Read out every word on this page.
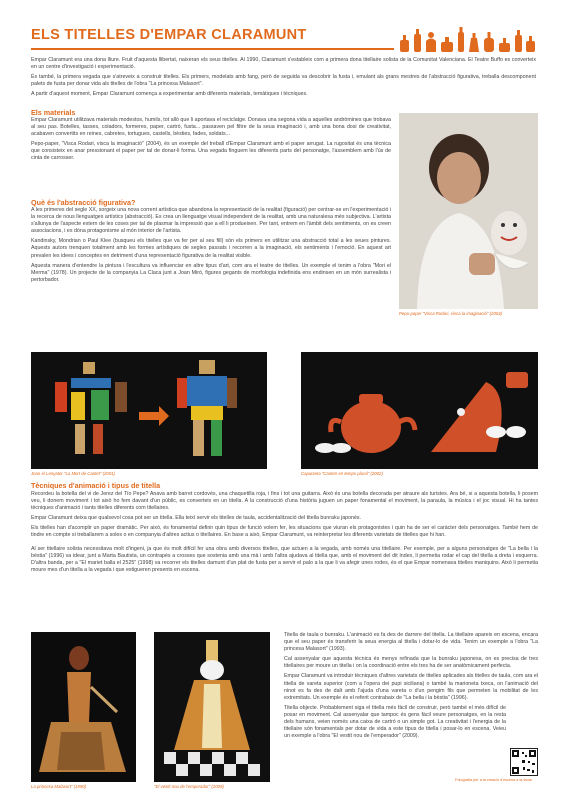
ELS TITELLES D'EMPAR CLARAMUNT

Empar Claramunt era una dona lliure. Fruit d'aquesta llibertat, naixeran els seus titelles. Al 1990, Claramunt s'estableix com a primera dona titellaire solista de la Comunitat Valenciana. El Teatre Buffo es converteix en un centre d'investigació i experimentació.

És també, la primera vegada que s'atreveix a construir titelles. Els primers, modelats amb fang, però de seguida va descobrir la fusta i, emulant als grans mestres de l'abstracció figurativa, treballa descomponent palets de fusta per donar vida als titelles de l'obra "La princesa Malasort".

A partir d'aquest moment, Empar Claramunt comença a experimentar amb diferents materials, temàtiques i tècniques.

Els materials

Empar Claramunt utilitzava materials modestos, humils, tot allò que li aportava el reciclatge. Donava una segona vida a aquelles andròmines que trobava al seu pas. Botelles, tasses, coladors, formeres, paper, cartró, fusta... passaven pel filtre de la seua imaginació i, amb una bona dosi de creativitat, acabaven convertits en reines, cabretes, tortugues, castells, bèsties, fades, soldats...

Pepo-paper, "Visca Rodari, visca la imaginació" (2004), és un exemple del treball d'Empar Claramunt amb el paper arrugat. La rugositat és una tècnica que consisteix en anar pressionant el paper per tal de donar-li forma. Una vegada finguem les diferents parts del personatge, l'assemblem amb l'ús de cinta de carrosser.

Què és l'abstracció figurativa?

A les primeres del segle XX, sorgeix una nova corrent artística que abandona la representació de la realitat (figuració) per centrar-se en l'experimentació i la recerca de nous llenguatges artístics (abstracció). Es crea un llenguatge visual independent de la realitat, amb una naturalesa més subjectiva. L'artista s'allunya de l'aspecte extern de les coses per tal de plasmar la impressió que a ell li produeixen. Per tant, entrem en l'àmbit dels sentiments, on es creen associacions, i es dóna protagonisme al món interior de l'artista.

Kandinsky, Mondrian o Paul Klee (busqueu els titelles que va fer per al seu fill) són els primers en utilitzar una abstracció total a les seues pintures. Aquests autors trenquen totalment amb les formes artístiques de segles passats i recorren a la imaginació, els sentiments i l'emoció. En aquest art prevalen les idees i conceptes en detriment d'una representació figurativa de la realitat visible.

Aquesta manera d'entendre la pintura i l'escultura va influenciar en altre tipus d'art, com ara el teatre de titelles. Un exemple el tenim a l'obra "Mori el Merma" (1978). Un projecte de la companyia La Claca junt a Joan Miró, figures gegants de morfologia indefinida ens endinsen en un món surrealista i pertorbador.

Pepo-paper "Visca Rodari, visca la imaginació" (2004)
Joan el Lenyator "La Mort de Cantet" (2001)	Caputxeta "Canten en temps plural" (2002)
Tècniques d'animació i tipus de titella

Recordeu la botella del vi de Jerez del Tío Pepe? Anava amb barret cordovès, una chaquetilla roja, i fins i tot una guitarra. Això és una botella decorada per atraure als turistes. Ara bé, si a aquesta botella, li posem veu, li donem moviment i tot això ho fem davant d'un públic, es converteix en un titella. A la construcció d'una història juguen un paper fonamental el moviment, la paraula, la música i el joc visual. Hi ha tantes tècniques d'animació i tants titelles diferents com titellaires.

Empar Claramunt deixa que qualsevol cosa pot ser un titella. Ella teixí servir els titelles de taula, accidentalització del titella bunraku japonès.

Els titelles han d'acomplir un paper dramàtic. Per això, és fonamental definir quin tipus de funció volem fer, les situacions que viuran els protagonistes i quin ha de ser el caràcter dels personatges. També hem de tindre en compte si treballarem a soles o en companyia d'altres actius o titellaires. En base a això, Empar Claramunt, va reinterpretar les diferents varietats de titelles que hi han.

Al ser titellaire solista necessitava molt d'ingeni, ja que és molt difícil fer una obra amb diversos titelles, que actuen a la vegada, amb només una titellaire. Per exemple, per a alguns personatges de "La bella i la bèstia" (1996) va idear, junt a Marta Bautista, un contrapès a crosses que sostenia amb una mà i amb l'altra ajudava al titella que, amb el moviment del dit índex, li permetia rodar el cap del titella a dreta i esquerra. D'altra banda, per a "El mariet balla el 2525" (1998) va recorrer els titelles damunt d'un plat de fusta per a servir el palo a la que li va afegir unes rodes, és el que Empar nomenava titelles maniquins. Això li permetia moure mes d'un titella a la vegada i que estigueren presents en escena.

La princesa Malasort" (1990)	"El vestit nou de l'emperador" (2009)

Titella de taula o bunraku. L'animació es fa des de darrere del titella. La titellaire apareix en escena, encara que el seu paper és transferir la seua energia al titella i dotar-lo de vida. Tenim un exemple a l'obra "La princesa Malasort" (1993).

Cal assenyalar que aquesta tècnica és menys refinada que la bunraku japonesa, on es precisa de tres titellaires per moure un titella i on la coordinació entre els tres ha de ser anatòmicament perfecta.

Empar Claramunt va introduir tècniques d'altres varietats de titelles aplicades als titelles de taula, com ara el titella de vareta superior (com a l'opera dei pupi siciliana) o també la marioneta txeca, on l'animació del ninot es fa des de dalt amb l'ajuda d'una vareta o d'un pengim fils que permeten la mobilitat de les extremitats. Un exemple és el referit contrabaix de "La bella i la bèstia" (1996).

Titella objecte. Probablement siga el titella més fàcil de construir, però també el més difícil de posar en moviment. Cal assenyalar que tampoc és gens fàcil veure personatges, en la resta dels humans, veien només una caixa de cartró o un simple got. La creativitat i l'energia de la titellaire són fonamentals per dotar de vida a este tipus de titella i posar-lo en escena. Veieu un exemple a l'obra "El vestit nou de l'emperador" (2009).

Fotografia per a la creació d'escena a la taula
